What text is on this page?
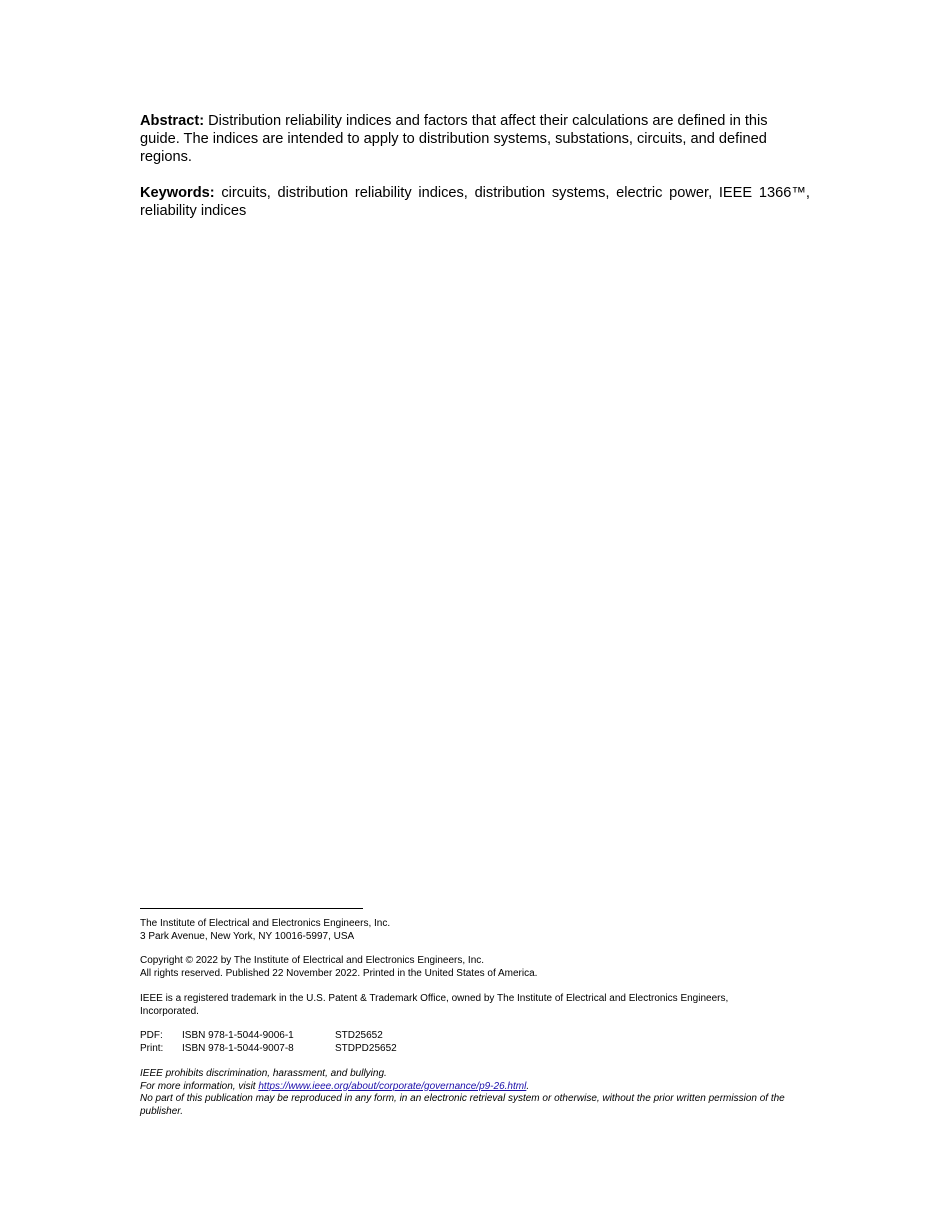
Abstract: Distribution reliability indices and factors that affect their calculations are defined in this guide. The indices are intended to apply to distribution systems, substations, circuits, and defined regions.

Keywords: circuits, distribution reliability indices, distribution systems, electric power, IEEE 1366™, reliability indices

The Institute of Electrical and Electronics Engineers, Inc.
3 Park Avenue, New York, NY 10016-5997, USA

Copyright © 2022 by The Institute of Electrical and Electronics Engineers, Inc.
All rights reserved. Published 22 November 2022. Printed in the United States of America.

IEEE is a registered trademark in the U.S. Patent & Trademark Office, owned by The Institute of Electrical and Electronics Engineers, Incorporated.

PDF:	ISBN 978-1-5044-9006-1	STD25652
Print:	ISBN 978-1-5044-9007-8	STDPD25652

IEEE prohibits discrimination, harassment, and bullying.
For more information, visit https://www.ieee.org/about/corporate/governance/p9-26.html.
No part of this publication may be reproduced in any form, in an electronic retrieval system or otherwise, without the prior written permission of the publisher.
